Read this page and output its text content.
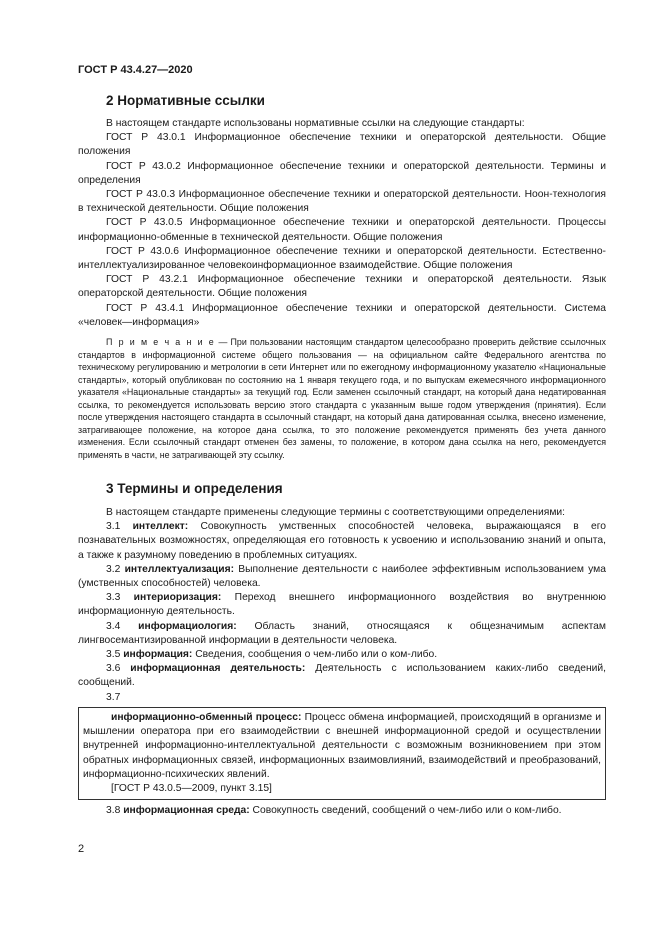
ГОСТ Р 43.4.27—2020
2 Нормативные ссылки

В настоящем стандарте использованы нормативные ссылки на следующие стандарты:

ГОСТ Р 43.0.1 Информационное обеспечение техники и операторской деятельности. Общие положения

ГОСТ Р 43.0.2 Информационное обеспечение техники и операторской деятельности. Термины и определения

ГОСТ Р 43.0.3 Информационное обеспечение техники и операторской деятельности. Ноон-технология в технической деятельности. Общие положения

ГОСТ Р 43.0.5 Информационное обеспечение техники и операторской деятельности. Процессы информационно-обменные в технической деятельности. Общие положения

ГОСТ Р 43.0.6 Информационное обеспечение техники и операторской деятельности. Естественно-интеллектуализированное человекоинформационное взаимодействие. Общие положения

ГОСТ Р 43.2.1 Информационное обеспечение техники и операторской деятельности. Язык операторской деятельности. Общие положения

ГОСТ Р 43.4.1 Информационное обеспечение техники и операторской деятельности. Система «человек—информация»

П р и м е ч а н и е — При пользовании настоящим стандартом целесообразно проверить действие ссылочных стандартов в информационной системе общего пользования — на официальном сайте Федерального агентства по техническому регулированию и метрологии в сети Интернет или по ежегодному информационному указателю «Национальные стандарты», который опубликован по состоянию на 1 января текущего года, и по выпускам ежемесячного информационного указателя «Национальные стандарты» за текущий год. Если заменен ссылочный стандарт, на который дана недатированная ссылка, то рекомендуется использовать версию этого стандарта с указанным выше годом утверждения (принятия). Если после утверждения настоящего стандарта в ссылочный стандарт, на который дана датированная ссылка, внесено изменение, затрагивающее положение, на которое дана ссылка, то это положение рекомендуется применять без учета данного изменения. Если ссылочный стандарт отменен без замены, то положение, в котором дана ссылка на него, рекомендуется применять в части, не затрагивающей эту ссылку.

3 Термины и определения

В настоящем стандарте применены следующие термины с соответствующими определениями:

3.1 интеллект: Совокупность умственных способностей человека, выражающаяся в его познавательных возможностях, определяющая его готовность к усвоению и использованию знаний и опыта, а также к разумному поведению в проблемных ситуациях.

3.2 интеллектуализация: Выполнение деятельности с наиболее эффективным использованием ума (умственных способностей) человека.

3.3 интериоризация: Переход внешнего информационного воздействия во внутреннюю информационную деятельность.

3.4 информациология: Область знаний, относящаяся к общезначимым аспектам лингвосемантизированной информации в деятельности человека.

3.5 информация: Сведения, сообщения о чем-либо или о ком-либо.

3.6 информационная деятельность: Деятельность с использованием каких-либо сведений, сообщений.

3.7

информационно-обменный процесс: Процесс обмена информацией, происходящий в организме и мышлении оператора при его взаимодействии с внешней информационной средой и осуществлении внутренней информационно-интеллектуальной деятельности с возможным возникновением при этом обратных информационных связей, информационных взаимовлияний, взаимодействий и преобразований, информационно-психических явлений.

[ГОСТ Р 43.0.5—2009, пункт 3.15]

3.8 информационная среда: Совокупность сведений, сообщений о чем-либо или о ком-либо.

2
